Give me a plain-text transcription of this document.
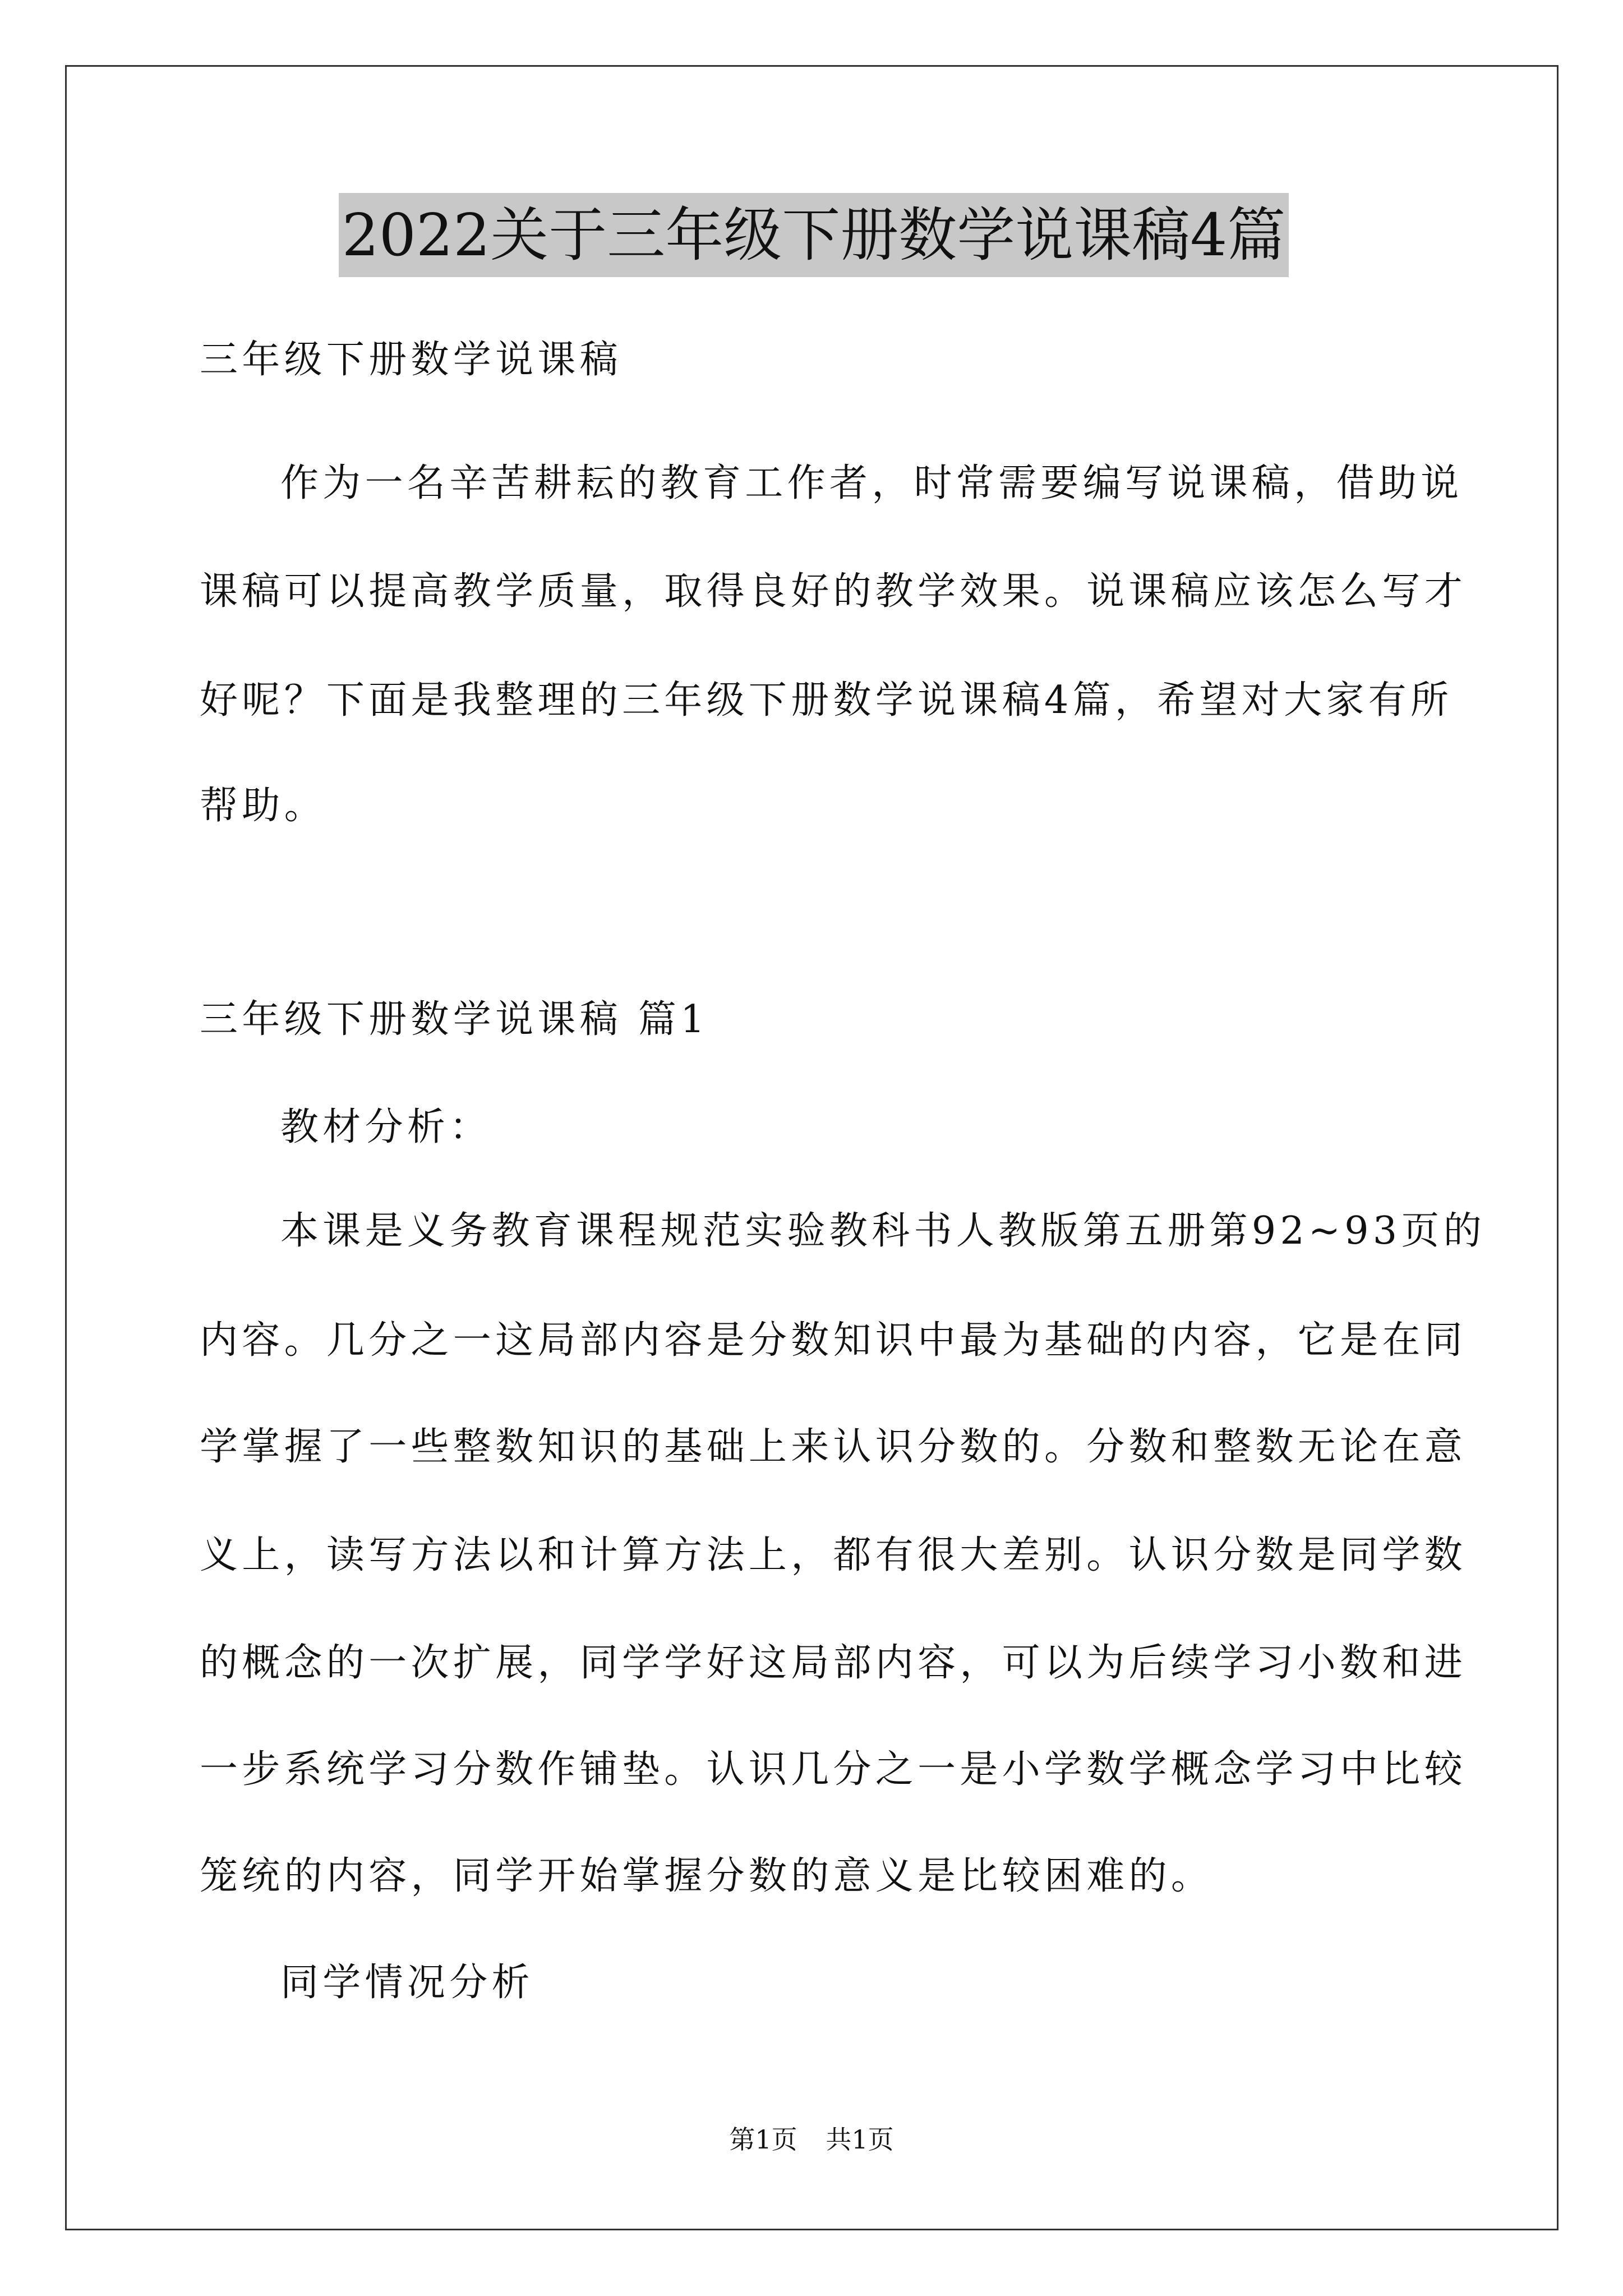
2022关于三年级下册数学说课稿4篇
三年级下册数学说课稿
作为一名辛苦耕耘的教育工作者，时常需要编写说课稿，借助说
课稿可以提高教学质量，取得良好的教学效果。说课稿应该怎么写才
好呢？下面是我整理的三年级下册数学说课稿4篇，希望对大家有所
帮助。
三年级下册数学说课稿 篇1
教材分析：
本课是义务教育课程规范实验教科书人教版第五册第92~93页的
内容。几分之一这局部内容是分数知识中最为基础的内容，它是在同
学掌握了一些整数知识的基础上来认识分数的。分数和整数无论在意
义上，读写方法以和计算方法上，都有很大差别。认识分数是同学数
的概念的一次扩展，同学学好这局部内容，可以为后续学习小数和进
一步系统学习分数作铺垫。认识几分之一是小学数学概念学习中比较
笼统的内容，同学开始掌握分数的意义是比较困难的。
同学情况分析
第1页 共1页
